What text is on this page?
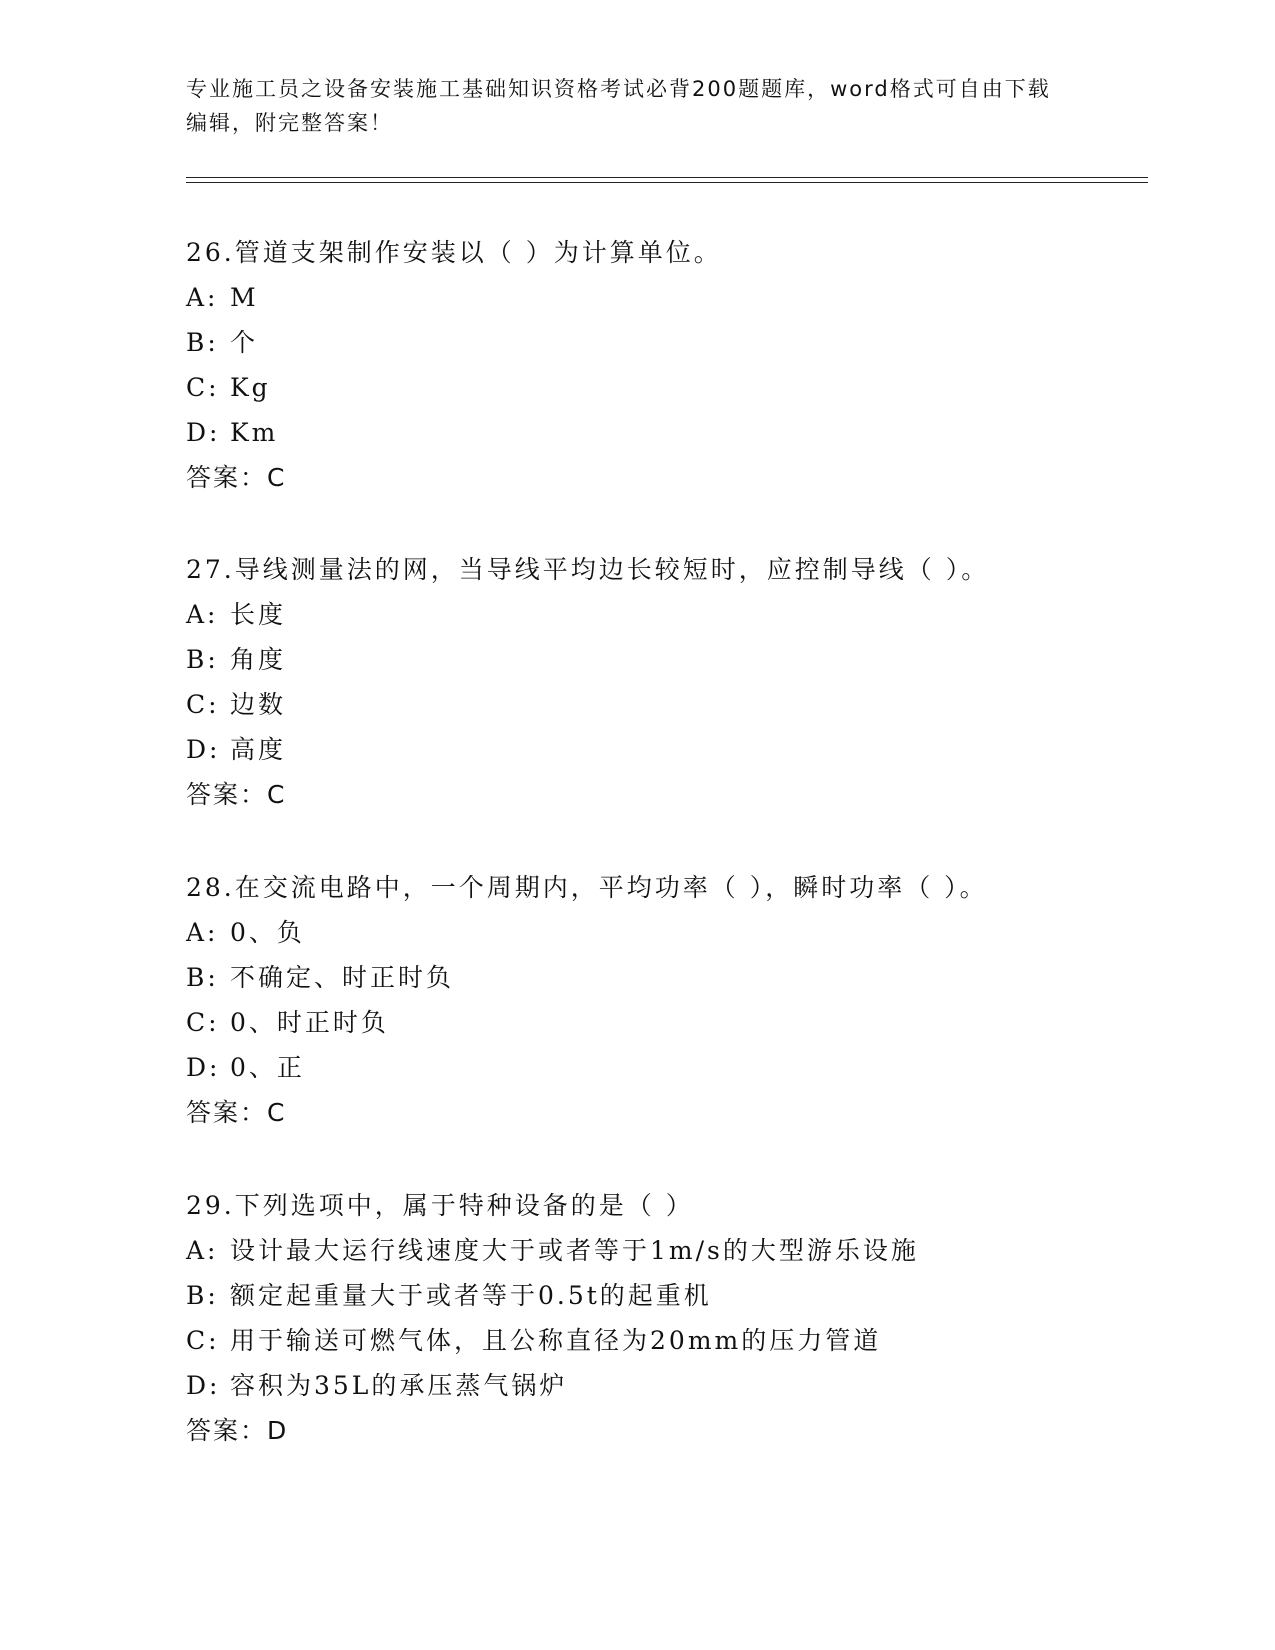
专业施工员之设备安装施工基础知识资格考试必背200题题库，word格式可自由下载编辑，附完整答案！
26.管道支架制作安装以（ ）为计算单位。
A: M
B: 个
C: Kg
D: Km
答案：C
27.导线测量法的网，当导线平均边长较短时，应控制导线（ ）。
A: 长度
B: 角度
C: 边数
D: 高度
答案：C
28.在交流电路中，一个周期内，平均功率（ ），瞬时功率（ ）。
A: 0、负
B: 不确定、时正时负
C: 0、时正时负
D: 0、正
答案：C
29.下列选项中，属于特种设备的是（ ）
A: 设计最大运行线速度大于或者等于1m/s的大型游乐设施
B: 额定起重量大于或者等于0.5t的起重机
C: 用于输送可燃气体，且公称直径为20mm的压力管道
D: 容积为35L的承压蒸气锅炉
答案：D
